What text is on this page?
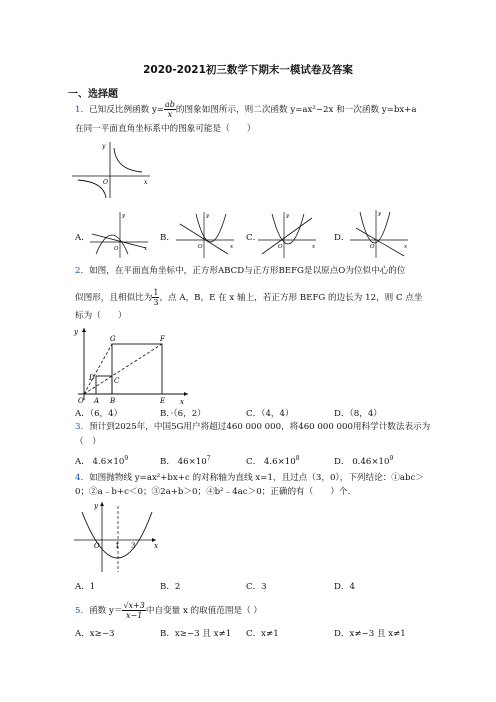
2020-2021初三数学下期末一模试卷及答案
一、选择题
1．已知反比例函数 $y= \frac{ab}{x}$ 的图象如图所示，则二次函数 y=ax²−2x 和一次函数 y=bx+a
在同一平面直角坐标系中的图象可能是（　　）
y
O	x
A．
y
O	x
B．
y
O	x
C．
y
O	x
D．
y
O	x
2．如图，在平面直角坐标中，正方形ABCD与正方形BEFG是以原点O为位似中心的位
似图形，且相似比为 $\frac{1}{3}$ ，点 A，B，E 在 x 轴上，若正方形 BEFG 的边长为 12，则 C 点坐
标为（　　）
y
x
O A B	E
C
D
G	F
A．（6，4）	B．·（6，2）	C．（4，4）	D．（8，4）
3．预计到2025年，中国5G用户将超过460 000 000，将460 000 000用科学计数法表示为
（　）
A． $4.6\times 10^9$	B． $46\times 10^7$	C． $4.6\times 10^8$	D． $0.46\times 10^9$
4．如图抛物线 y=ax²+bx+c 的对称轴为直线 x=1，且过点（3，0），下列结论：①abc＞
0；②a﹣b+c＜0；③2a+b＞0；④b²﹣4ac＞0；正确的有（　　）个.
y
O 1 3	x
A．1	B．2	C．3	D．4
5．函数 $y= \frac{√x+3}{x-1}$ 中自变量 x 的取值范围是（ ）
A．x≥−3	B．x≥−3 且 x≠1 C．x≠1	D．x≠−3 且 x≠1
